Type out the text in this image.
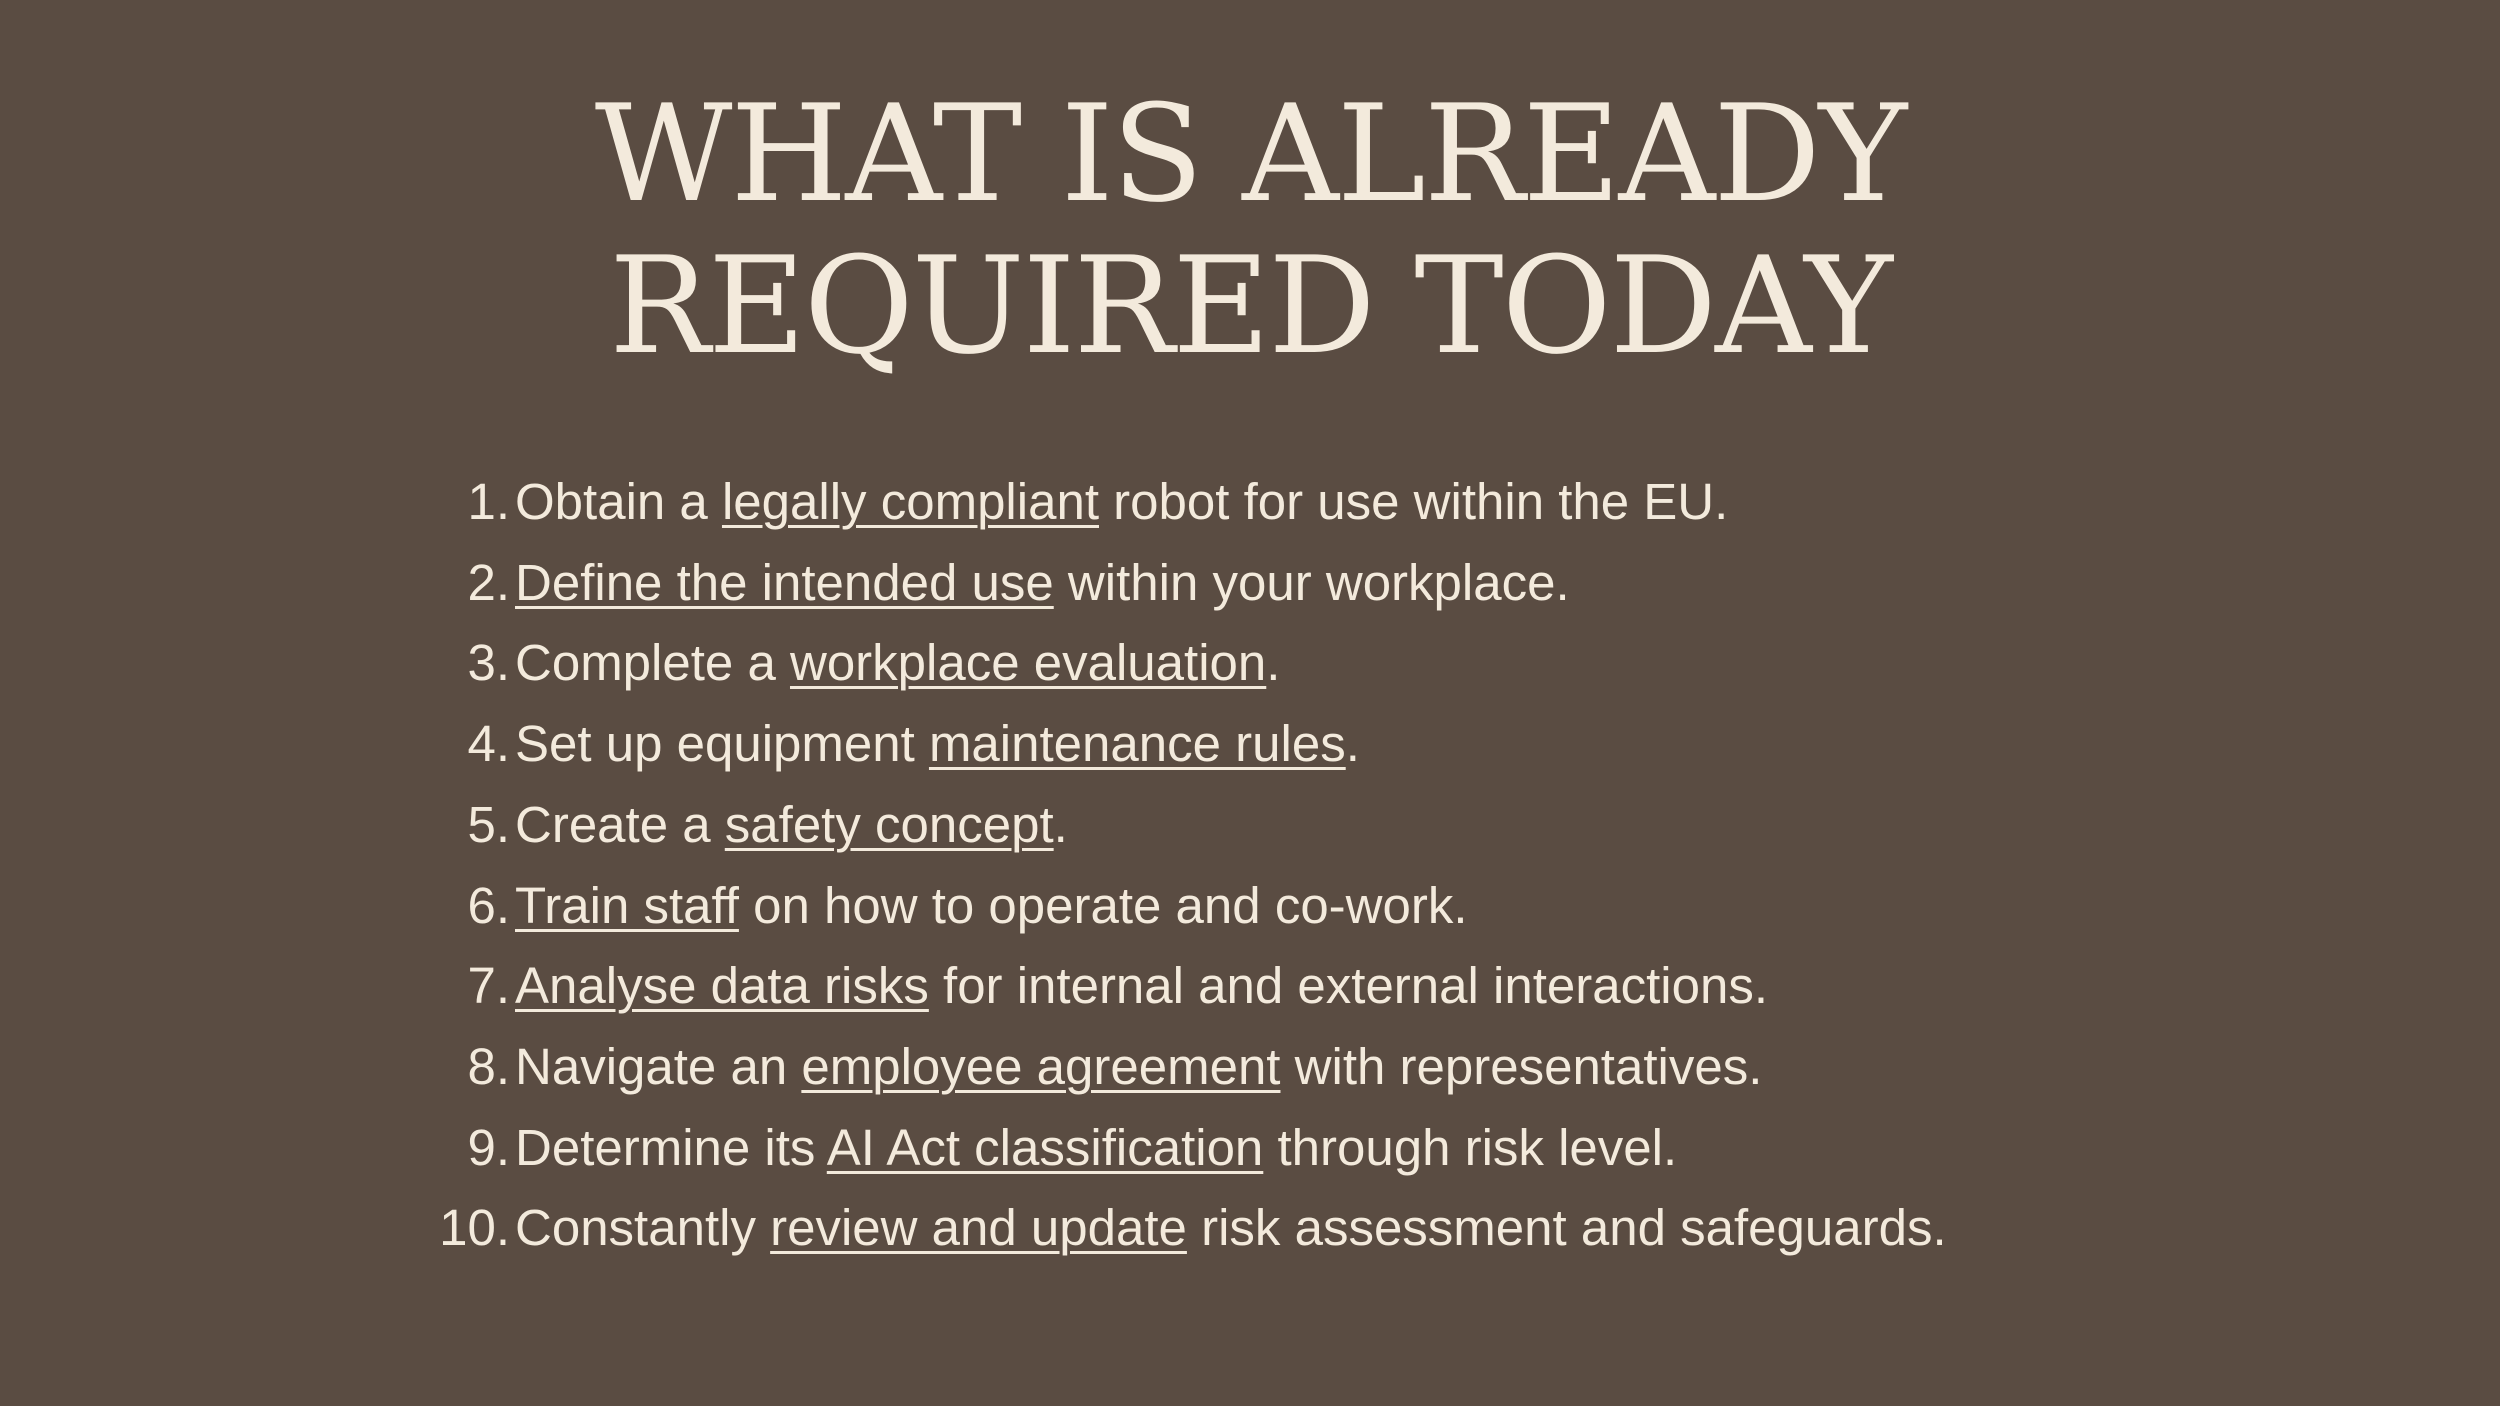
WHAT IS ALREADY
REQUIRED TODAY
1. Obtain a legally compliant robot for use within the EU.
2. Define the intended use within your workplace.
3. Complete a workplace evaluation.
4. Set up equipment maintenance rules.
5. Create a safety concept.
6. Train staff on how to operate and co-work.
7. Analyse data risks for internal and external interactions.
8. Navigate an employee agreement with representatives.
9. Determine its AI Act classification through risk level.
10. Constantly review and update risk assessment and safeguards.
